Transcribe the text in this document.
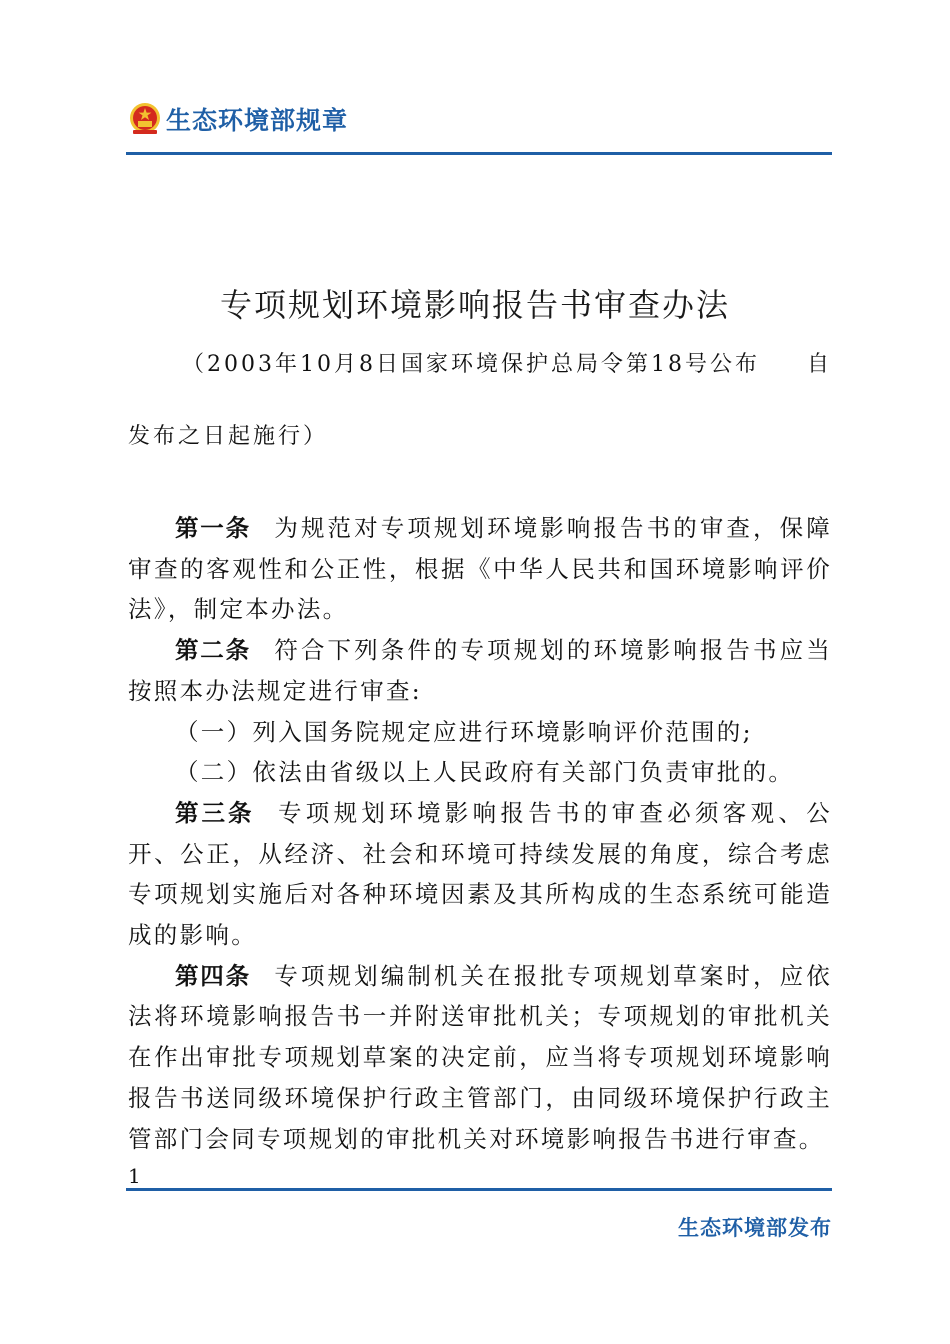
生态环境部规章
专项规划环境影响报告书审查办法
（2003年10月8日国家环境保护总局令第18号公布 自
发布之日起施行）

第一条 为规范对专项规划环境影响报告书的审查，保障审查的客观性和公正性，根据《中华人民共和国环境影响评价法》，制定本办法。

第二条 符合下列条件的专项规划的环境影响报告书应当按照本办法规定进行审查:

（一）列入国务院规定应进行环境影响评价范围的;

（二）依法由省级以上人民政府有关部门负责审批的。

第三条 专项规划环境影响报告书的审查必须客观、公开、公正，从经济、社会和环境可持续发展的角度，综合考虑专项规划实施后对各种环境因素及其所构成的生态系统可能造成的影响。

第四条 专项规划编制机关在报批专项规划草案时，应依法将环境影响报告书一并附送审批机关；专项规划的审批机关在作出审批专项规划草案的决定前，应当将专项规划环境影响报告书送同级环境保护行政主管部门，由同级环境保护行政主管部门会同专项规划的审批机关对环境影响报告书进行审查。

1
生态环境部发布
